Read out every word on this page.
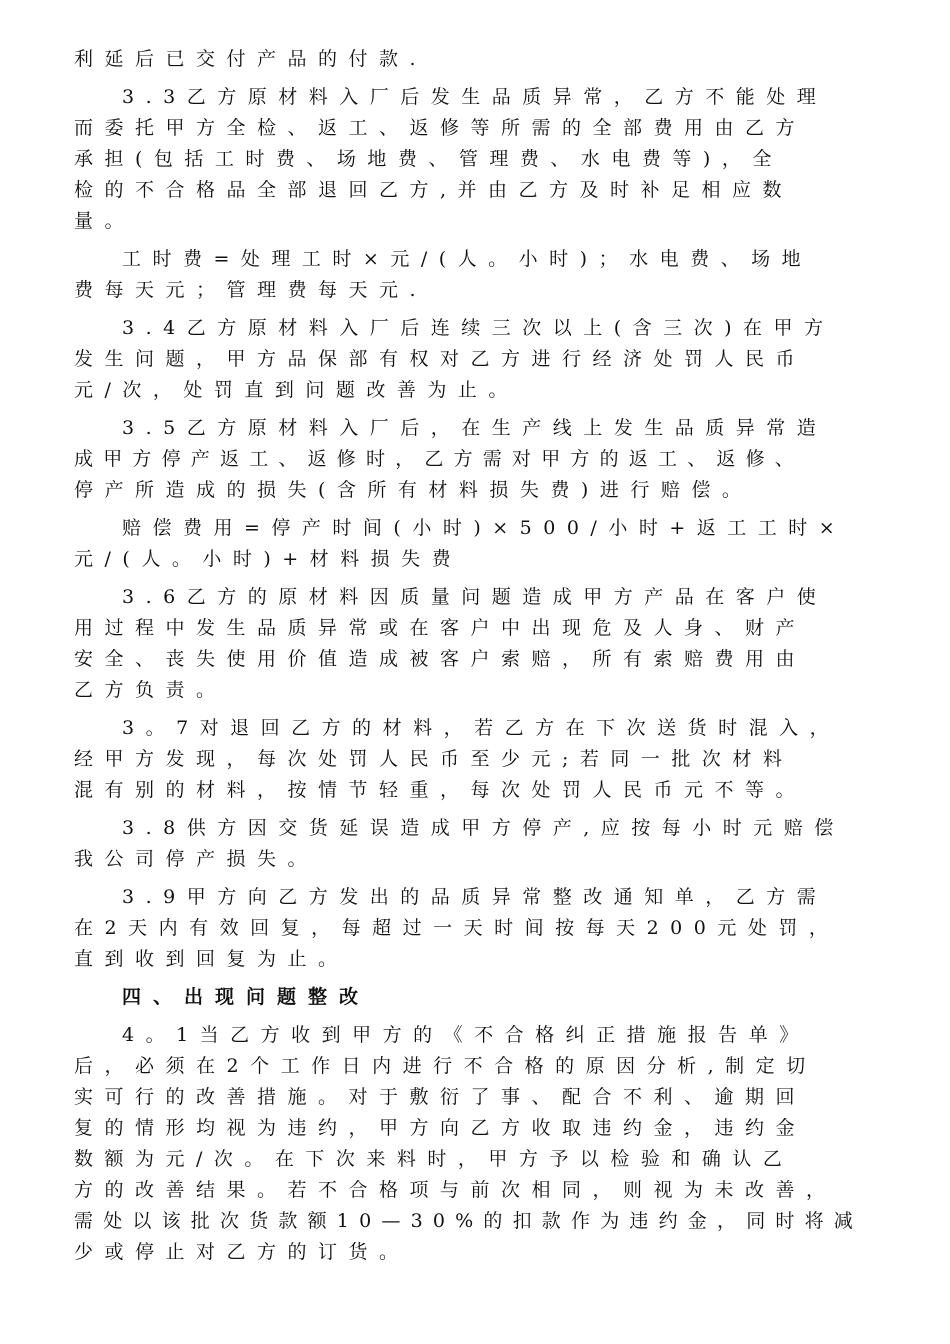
利延后已交付产品的付款.
3.3乙方原材料入厂后发生品质异常，乙方不能处理
而委托甲方全检、返工、返修等所需的全部费用由乙方
承担(包括工时费、场地费、管理费、水电费等)，全
检的不合格品全部退回乙方,并由乙方及时补足相应数
量。
工时费=处理工时×元/(人。小时)；水电费、场地
费每天元；管理费每天元.
3.4乙方原材料入厂后连续三次以上(含三次)在甲方
发生问题，甲方品保部有权对乙方进行经济处罚人民币
元/次，处罚直到问题改善为止。
3.5乙方原材料入厂后，在生产线上发生品质异常造
成甲方停产返工、返修时，乙方需对甲方的返工、返修、
停产所造成的损失(含所有材料损失费)进行赔偿。
赔偿费用=停产时间(小时)×500/小时+返工工时×
元/(人。小时)+材料损失费
3.6乙方的原材料因质量问题造成甲方产品在客户使
用过程中发生品质异常或在客户中出现危及人身、财产
安全、丧失使用价值造成被客户索赔，所有索赔费用由
乙方负责。
3。7对退回乙方的材料，若乙方在下次送货时混入，
经甲方发现，每次处罚人民币至少元;若同一批次材料
混有别的材料，按情节轻重，每次处罚人民币元不等。
3.8供方因交货延误造成甲方停产,应按每小时元赔偿
我公司停产损失。
3.9甲方向乙方发出的品质异常整改通知单，乙方需
在2天内有效回复，每超过一天时间按每天200元处罚，
直到收到回复为止。
四、出现问题整改
4。1当乙方收到甲方的《不合格纠正措施报告单》
后，必须在2个工作日内进行不合格的原因分析,制定切
实可行的改善措施。对于敷衍了事、配合不利、逾期回
复的情形均视为违约，甲方向乙方收取违约金，违约金
数额为元/次。在下次来料时，甲方予以检验和确认乙
方的改善结果。若不合格项与前次相同，则视为未改善，
需处以该批次货款额10—30%的扣款作为违约金，同时将减
少或停止对乙方的订货。
